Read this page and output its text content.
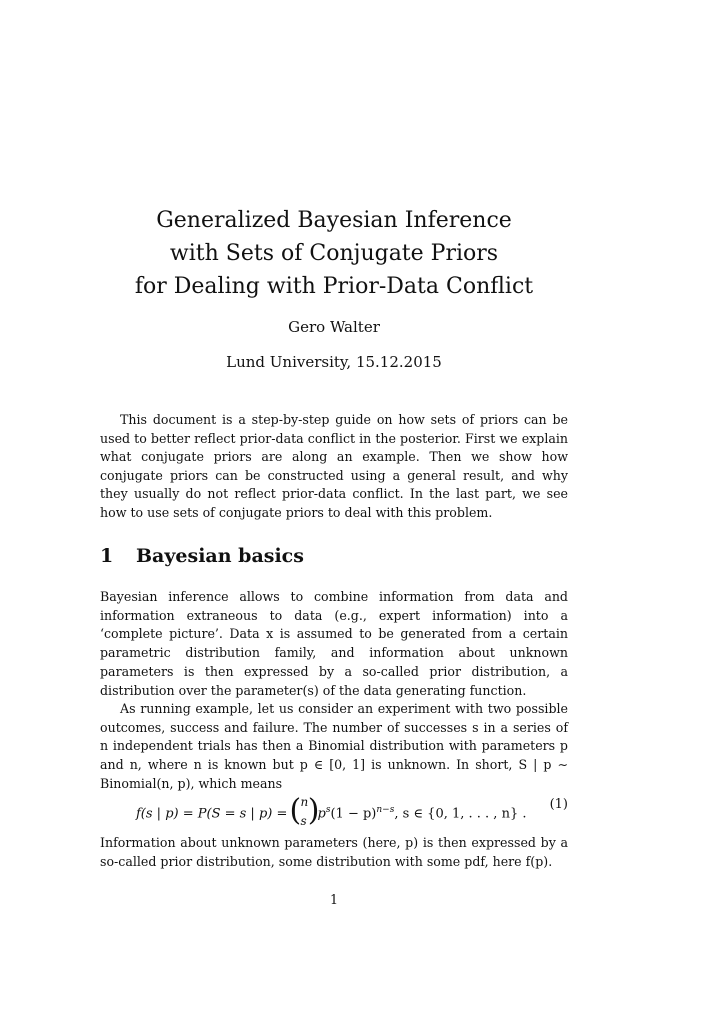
Generalized Bayesian Inference
with Sets of Conjugate Priors
for Dealing with Prior-Data Conflict
Gero Walter
Lund University, 15.12.2015

This document is a step-by-step guide on how sets of priors can be used to better reflect prior-data conflict in the posterior. First we explain what conjugate priors are along an example. Then we show how conjugate priors can be constructed using a general result, and why they usually do not reflect prior-data conflict. In the last part, we see how to use sets of conjugate priors to deal with this problem.

1 Bayesian basics

Bayesian inference allows to combine information from data and information extraneous to data (e.g., expert information) into a ‘complete picture’. Data x is assumed to be generated from a certain parametric distribution family, and information about unknown parameters is then expressed by a so-called prior distribution, a distribution over the parameter(s) of the data generating function.

As running example, let us consider an experiment with two possible outcomes, success and failure. The number of successes s in a series of n independent trials has then a Binomial distribution with parameters p and n, where n is known but p ∈ [0, 1] is unknown. In short, S | p ∼ Binomial(n, p), which means

f(s | p) = P(S = s | p) = ( n
s )
$p^s(1 - p)^{n-s}$, s ∈ {0, 1, . . . , n} .
(1)

Information about unknown parameters (here, p) is then expressed by a so-called prior distribution, some distribution with some pdf, here f(p).

1
